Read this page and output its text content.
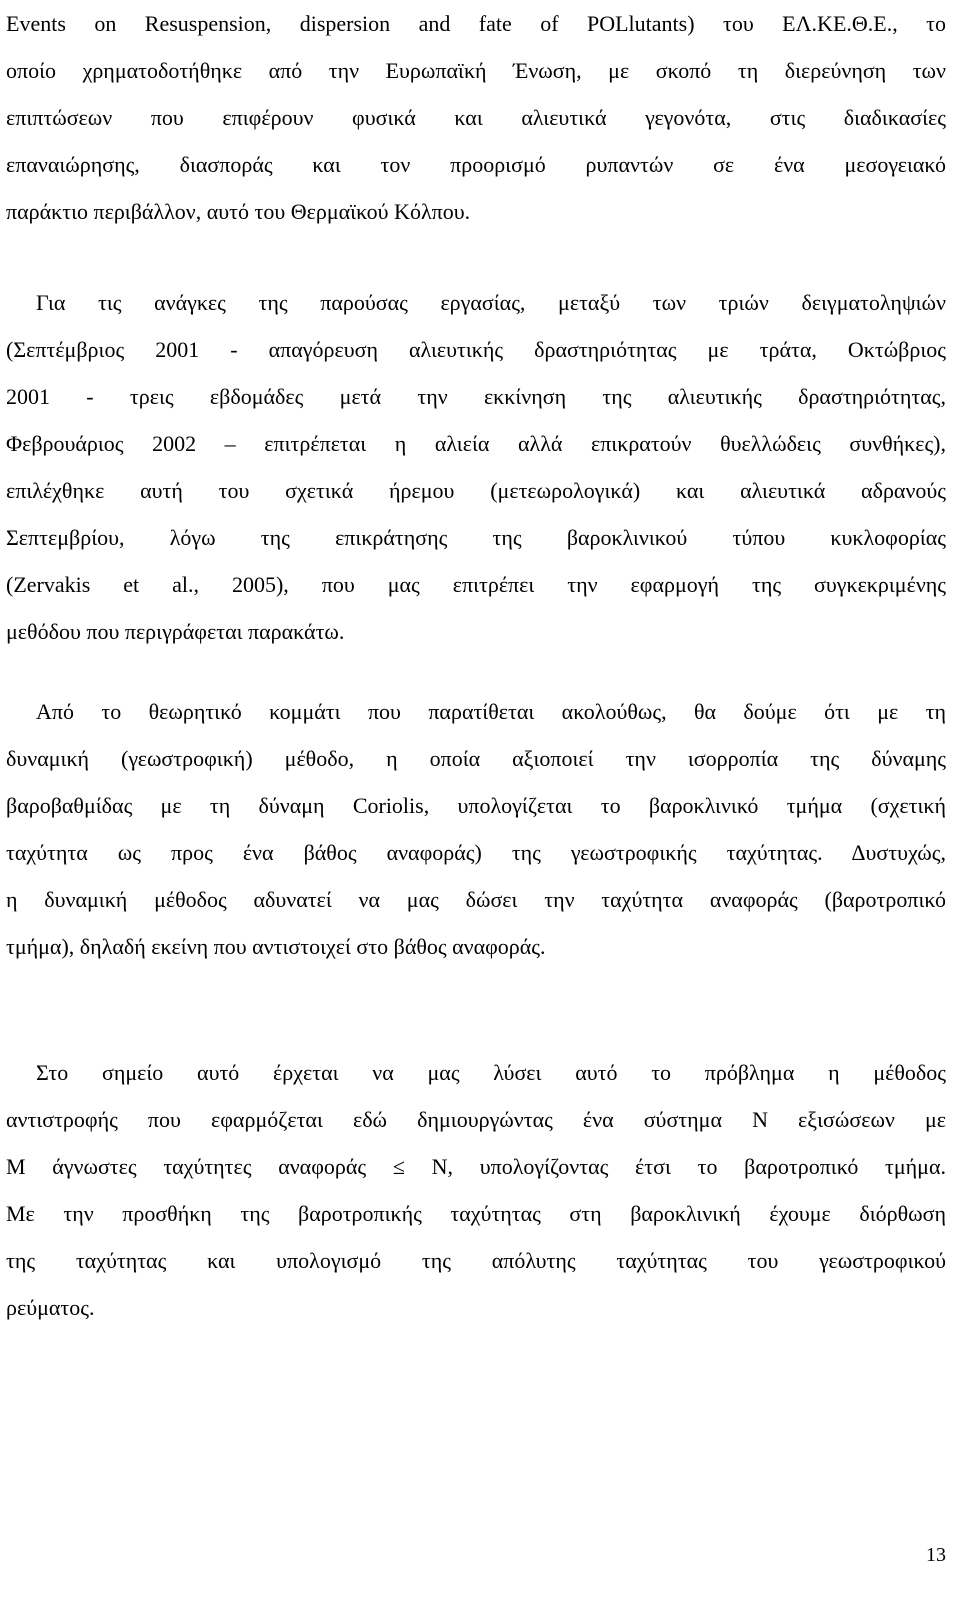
Events on Resuspension, dispersion and fate of POLlutants) του ΕΛ.ΚΕ.Θ.Ε., το
οποίο χρηματοδοτήθηκε από την Ευρωπαϊκή Ένωση, με σκοπό τη διερεύνηση των
επιπτώσεων που επιφέρουν φυσικά και αλιευτικά γεγονότα, στις διαδικασίες
επαναιώρησης, διασποράς και τον προορισμό ρυπαντών σε ένα μεσογειακό
παράκτιο περιβάλλον, αυτό του Θερμαϊκού Κόλπου.
Για τις ανάγκες της παρούσας εργασίας, μεταξύ των τριών δειγματοληψιών
(Σεπτέμβριος 2001 - απαγόρευση αλιευτικής δραστηριότητας με τράτα, Οκτώβριος
2001 - τρεις εβδομάδες μετά την εκκίνηση της αλιευτικής δραστηριότητας,
Φεβρουάριος 2002 – επιτρέπεται η αλιεία αλλά επικρατούν θυελλώδεις συνθήκες),
επιλέχθηκε αυτή του σχετικά ήρεμου (μετεωρολογικά) και αλιευτικά αδρανούς
Σεπτεμβρίου, λόγω της επικράτησης της βαροκλινικού τύπου κυκλοφορίας
(Zervakis et al., 2005), που μας επιτρέπει την εφαρμογή της συγκεκριμένης
μεθόδου που περιγράφεται παρακάτω.
Από το θεωρητικό κομμάτι που παρατίθεται ακολούθως, θα δούμε ότι με τη
δυναμική (γεωστροφική) μέθοδο, η οποία αξιοποιεί την ισορροπία της δύναμης
βαροβαθμίδας με τη δύναμη Coriolis, υπολογίζεται το βαροκλινικό τμήμα (σχετική
ταχύτητα ως προς ένα βάθος αναφοράς) της γεωστροφικής ταχύτητας. Δυστυχώς,
η δυναμική μέθοδος αδυνατεί να μας δώσει την ταχύτητα αναφοράς (βαροτροπικό
τμήμα), δηλαδή εκείνη που αντιστοιχεί στο βάθος αναφοράς.
Στο σημείο αυτό έρχεται να μας λύσει αυτό το πρόβλημα η μέθοδος
αντιστροφής που εφαρμόζεται εδώ δημιουργώντας ένα σύστημα Ν εξισώσεων με
Μ άγνωστες ταχύτητες αναφοράς ≤ Ν, υπολογίζοντας έτσι το βαροτροπικό τμήμα.
Με την προσθήκη της βαροτροπικής ταχύτητας στη βαροκλινική έχουμε διόρθωση
της ταχύτητας και υπολογισμό της απόλυτης ταχύτητας του γεωστροφικού
ρεύματος.
13
